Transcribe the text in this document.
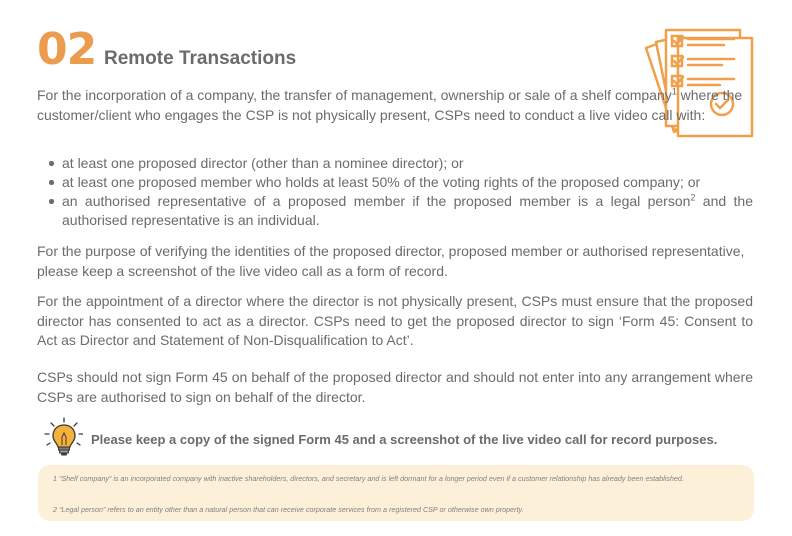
02 Remote Transactions
For the incorporation of a company, the transfer of management, ownership or sale of a shelf company$^1$ where the customer/client who engages the CSP is not physically present, CSPs need to conduct a live video call with:
at least one proposed director (other than a nominee director); or
at least one proposed member who holds at least 50% of the voting rights of the proposed company; or
an authorised representative of a proposed member if the proposed member is a legal person$^2$ and the authorised representative is an individual.
For the purpose of verifying the identities of the proposed director, proposed member or authorised representative, please keep a screenshot of the live video call as a form of record.
For the appointment of a director where the director is not physically present, CSPs must ensure that the proposed director has consented to act as a director. CSPs need to get the proposed director to sign ‘Form 45: Consent to Act as Director and Statement of Non-Disqualification to Act’.
CSPs should not sign Form 45 on behalf of the proposed director and should not enter into any arrangement where CSPs are authorised to sign on behalf of the director.
Please keep a copy of the signed Form 45 and a screenshot of the live video call for record purposes.
1 “Shelf company” is an incorporated company with inactive shareholders, directors, and secretary and is left dormant for a longer period even if a customer relationship has already been established.
2 “Legal person” refers to an entity other than a natural person that can receive corporate services from a registered CSP or otherwise own property.
